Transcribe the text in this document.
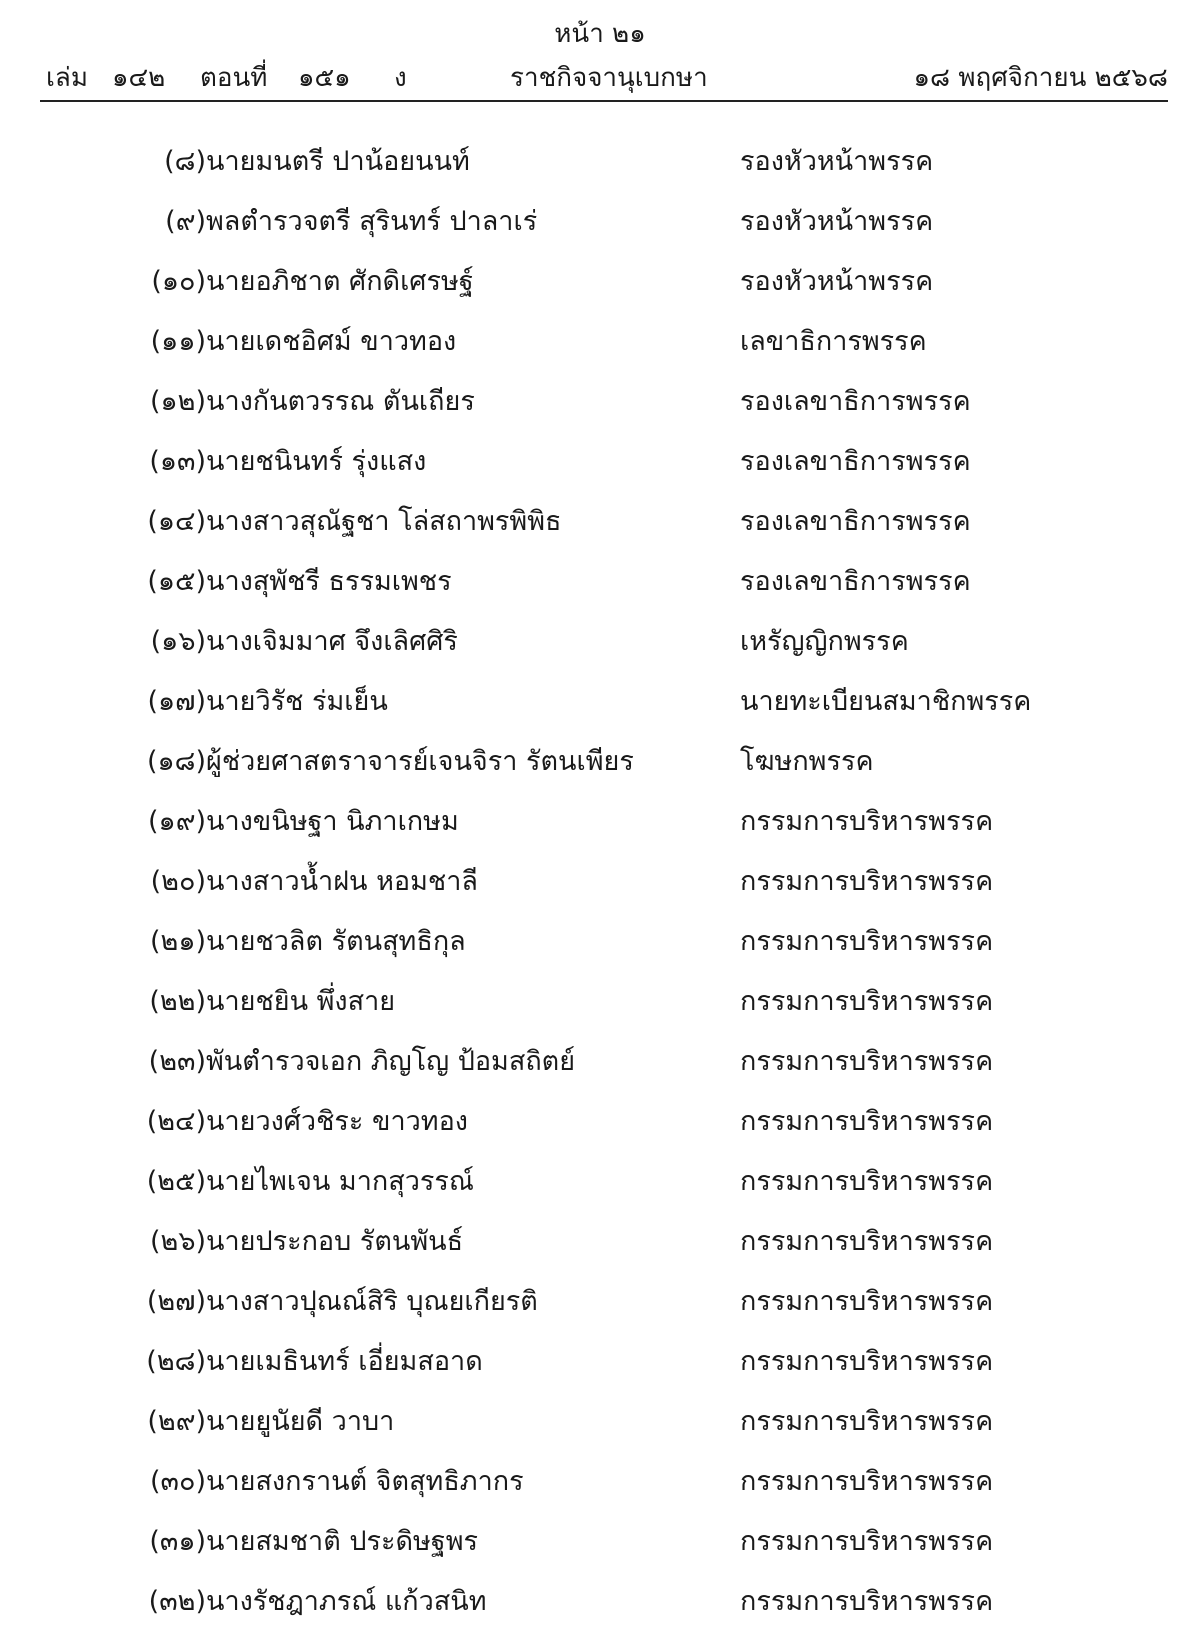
หน้า ๒๑
เล่ม ๑๔๒ ตอนที่ ๑๕๑ ง	ราชกิจจานุเบกษา	๑๘ พฤศจิกายน ๒๕๖๘
(๘) นายมนตรี ปาน้อยนนท์	รองหัวหน้าพรรค
(๙) พลตำรวจตรี สุรินทร์ ปาลาเร่	รองหัวหน้าพรรค
(๑๐) นายอภิชาต ศักดิเศรษฐ์	รองหัวหน้าพรรค
(๑๑) นายเดชอิศม์ ขาวทอง	เลขาธิการพรรค
(๑๒) นางกันตวรรณ ตันเถียร	รองเลขาธิการพรรค
(๑๓) นายชนินทร์ รุ่งแสง	รองเลขาธิการพรรค
(๑๔) นางสาวสุณัฐชา โล่สถาพรพิพิธ	รองเลขาธิการพรรค
(๑๕) นางสุพัชรี ธรรมเพชร	รองเลขาธิการพรรค
(๑๖) นางเจิมมาศ จึงเลิศศิริ	เหรัญญิกพรรค
(๑๗) นายวิรัช ร่มเย็น	นายทะเบียนสมาชิกพรรค
(๑๘) ผู้ช่วยศาสตราจารย์เจนจิรา รัตนเพียร	โฆษกพรรค
(๑๙) นางขนิษฐา นิภาเกษม	กรรมการบริหารพรรค
(๒๐) นางสาวน้ำฝน หอมชาลี	กรรมการบริหารพรรค
(๒๑) นายชวลิต รัตนสุทธิกุล	กรรมการบริหารพรรค
(๒๒) นายชยิน พึ่งสาย	กรรมการบริหารพรรค
(๒๓) พันตำรวจเอก ภิญโญ ป้อมสถิตย์	กรรมการบริหารพรรค
(๒๔) นายวงศ์วชิระ ขาวทอง	กรรมการบริหารพรรค
(๒๕) นายไพเจน มากสุวรรณ์	กรรมการบริหารพรรค
(๒๖) นายประกอบ รัตนพันธ์	กรรมการบริหารพรรค
(๒๗) นางสาวปุณณ์สิริ บุณยเกียรติ	กรรมการบริหารพรรค
(๒๘) นายเมธินทร์ เอี่ยมสอาด	กรรมการบริหารพรรค
(๒๙) นายยูนัยดี วาบา	กรรมการบริหารพรรค
(๓๐) นายสงกรานต์ จิตสุทธิภากร	กรรมการบริหารพรรค
(๓๑) นายสมชาติ ประดิษฐพร	กรรมการบริหารพรรค
(๓๒) นางรัชฎาภรณ์ แก้วสนิท	กรรมการบริหารพรรค
